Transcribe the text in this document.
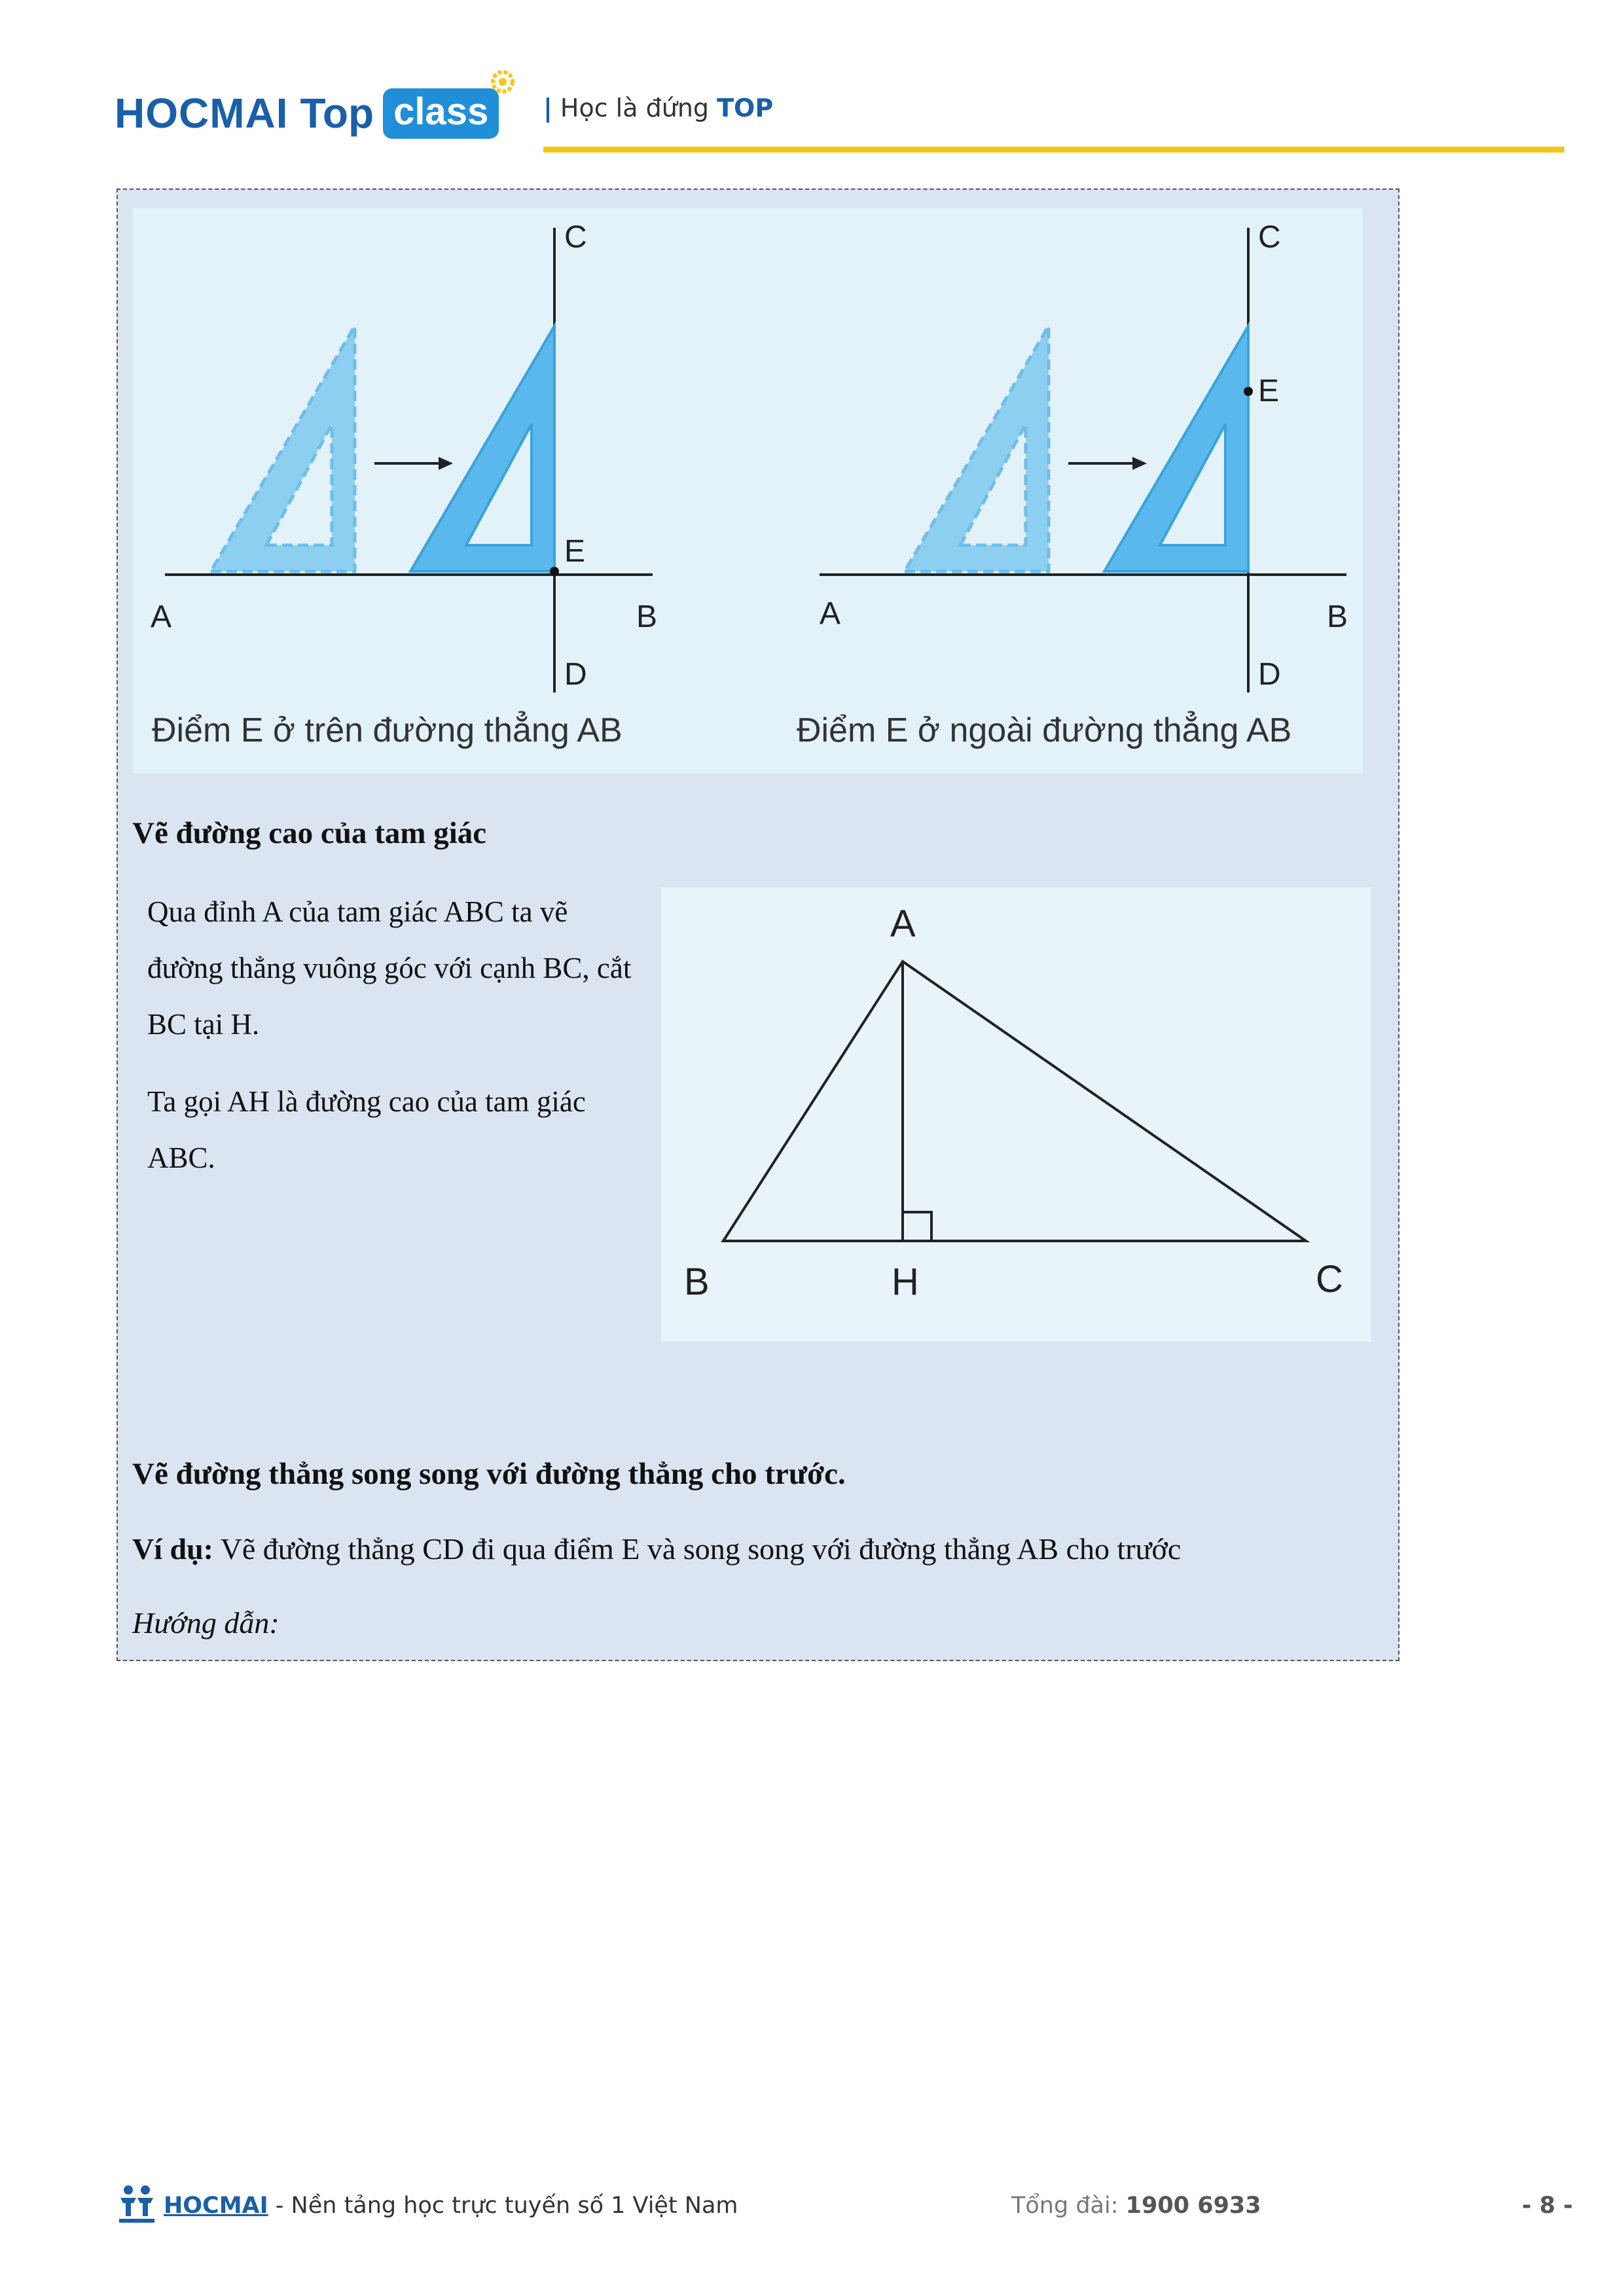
HOCMAI Top class	| Học là đứng TOP
C
E
A	B
D
Điểm E ở trên đường thẳng AB
C
E
A	B
D
Điểm E ở ngoài đường thẳng AB
Vẽ đường cao của tam giác
Qua đỉnh A của tam giác ABC ta vẽ đường thẳng vuông góc với cạnh BC, cắt BC tại H.
Ta gọi AH là đường cao của tam giác ABC.
A
B	H	C
Vẽ đường thẳng song song với đường thẳng cho trước.
Ví dụ: Vẽ đường thẳng CD đi qua điểm E và song song với đường thẳng AB cho trước
Hướng dẫn:
HOCMAI - Nền tảng học trực tuyến số 1 Việt Nam	Tổng đài: 1900 6933	- 8 -
